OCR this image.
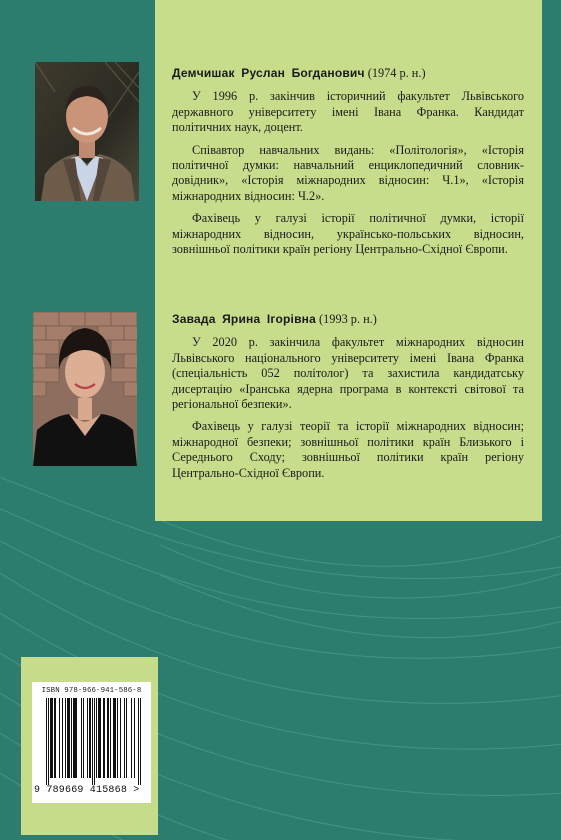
Демчишак Руслан Богданович (1974 р. н.)

У 1996 р. закінчив історичний факультет Львівського державного університету імені Івана Франка. Кандидат політичних наук, доцент.

Співавтор навчальних видань: «Політологія», «Історія політичної думки: навчальний енциклопедичний словник-довідник», «Історія міжнародних відносин: Ч.1», «Історія міжнародних відносин: Ч.2».

Фахівець у галузі історії політичної думки, історії міжнародних відносин, українсько-польських відносин, зовнішньої політики країн регіону Центрально-Східної Європи.

Завада Ярина Ігорівна (1993 р. н.)

У 2020 р. закінчила факультет міжнародних відносин Львівського національного університету імені Івана Франка (спеціальність 052 політолог) та захистила кандидатську дисертацію «Іранська ядерна програма в контексті світової та регіональної безпеки».

Фахівець у галузі теорії та історії міжнародних відносин; міжнародної безпеки; зовнішньої політики країн Близького і Середнього Сходу; зовнішньої політики країн регіону Центрально-Східної Європи.

ISBN 978-966-941-586-8
9 789669 415868 >
